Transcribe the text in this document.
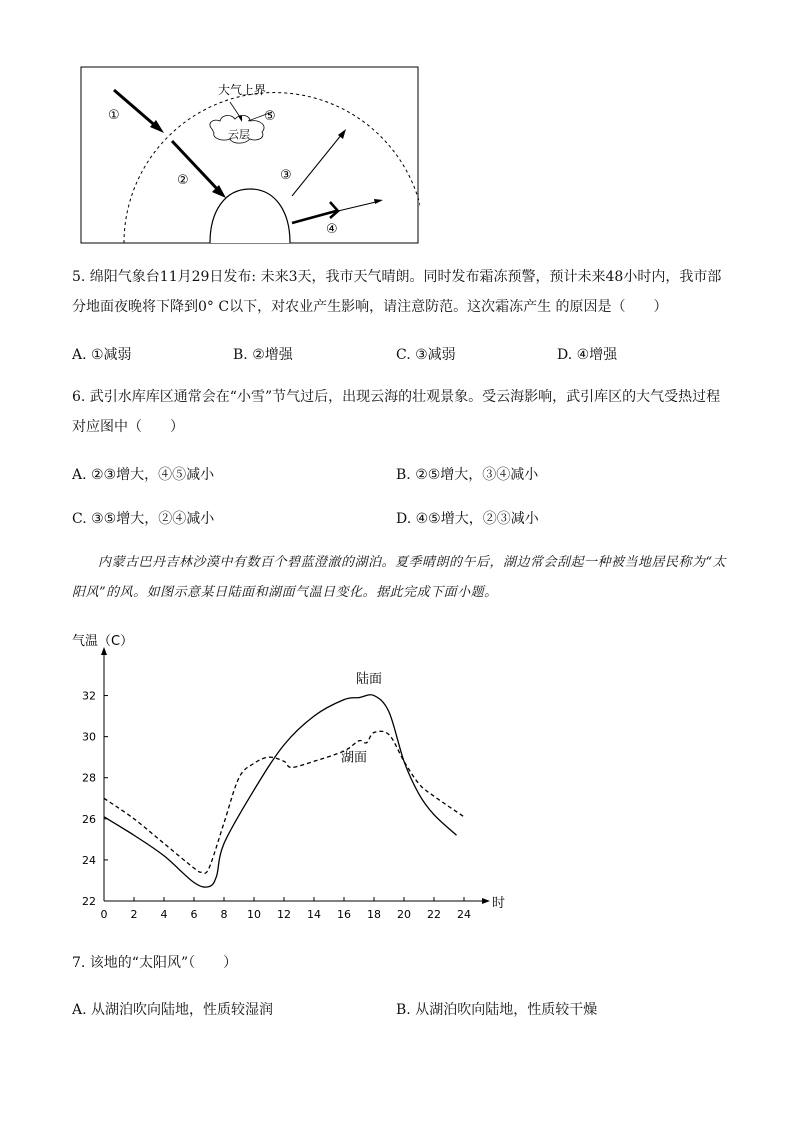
大气上界
云层
①
②	③
④
⑤
5. 绵阳气象台11月29日发布: 未来3天，我市天气晴朗。同时发布霜冻预警，预计未来48小时内，我市部分地面夜晚将下降到0° C以下，对农业产生影响，请注意防范。这次霜冻产生 的原因是（　　）
A. ①减弱	B. ②增强	C. ③减弱	D. ④增强
6. 武引水库库区通常会在“小雪”节气过后，出现云海的壮观景象。受云海影响，武引库区的大气受热过程对应图中（　　）
A. ②③增大，④⑤减小	B. ②⑤增大，③④减小
C. ③⑤增大，②④减小	D. ④⑤增大，②③减小
内蒙古巴丹吉林沙漠中有数百个碧蓝澄澈的湖泊。夏季晴朗的午后，湖边常会刮起一种被当地居民称为“太阳风”的风。如图示意某日陆面和湖面气温日变化。据此完成下面小题。
气温（C）
时
0 2 4 6 8 10 12 14 16 18 20 22 24
22
24
26
28
30
32
陆面
湖面
7. 该地的“太阳风”（　　）
A. 从湖泊吹向陆地，性质较湿润	B. 从湖泊吹向陆地，性质较干燥
